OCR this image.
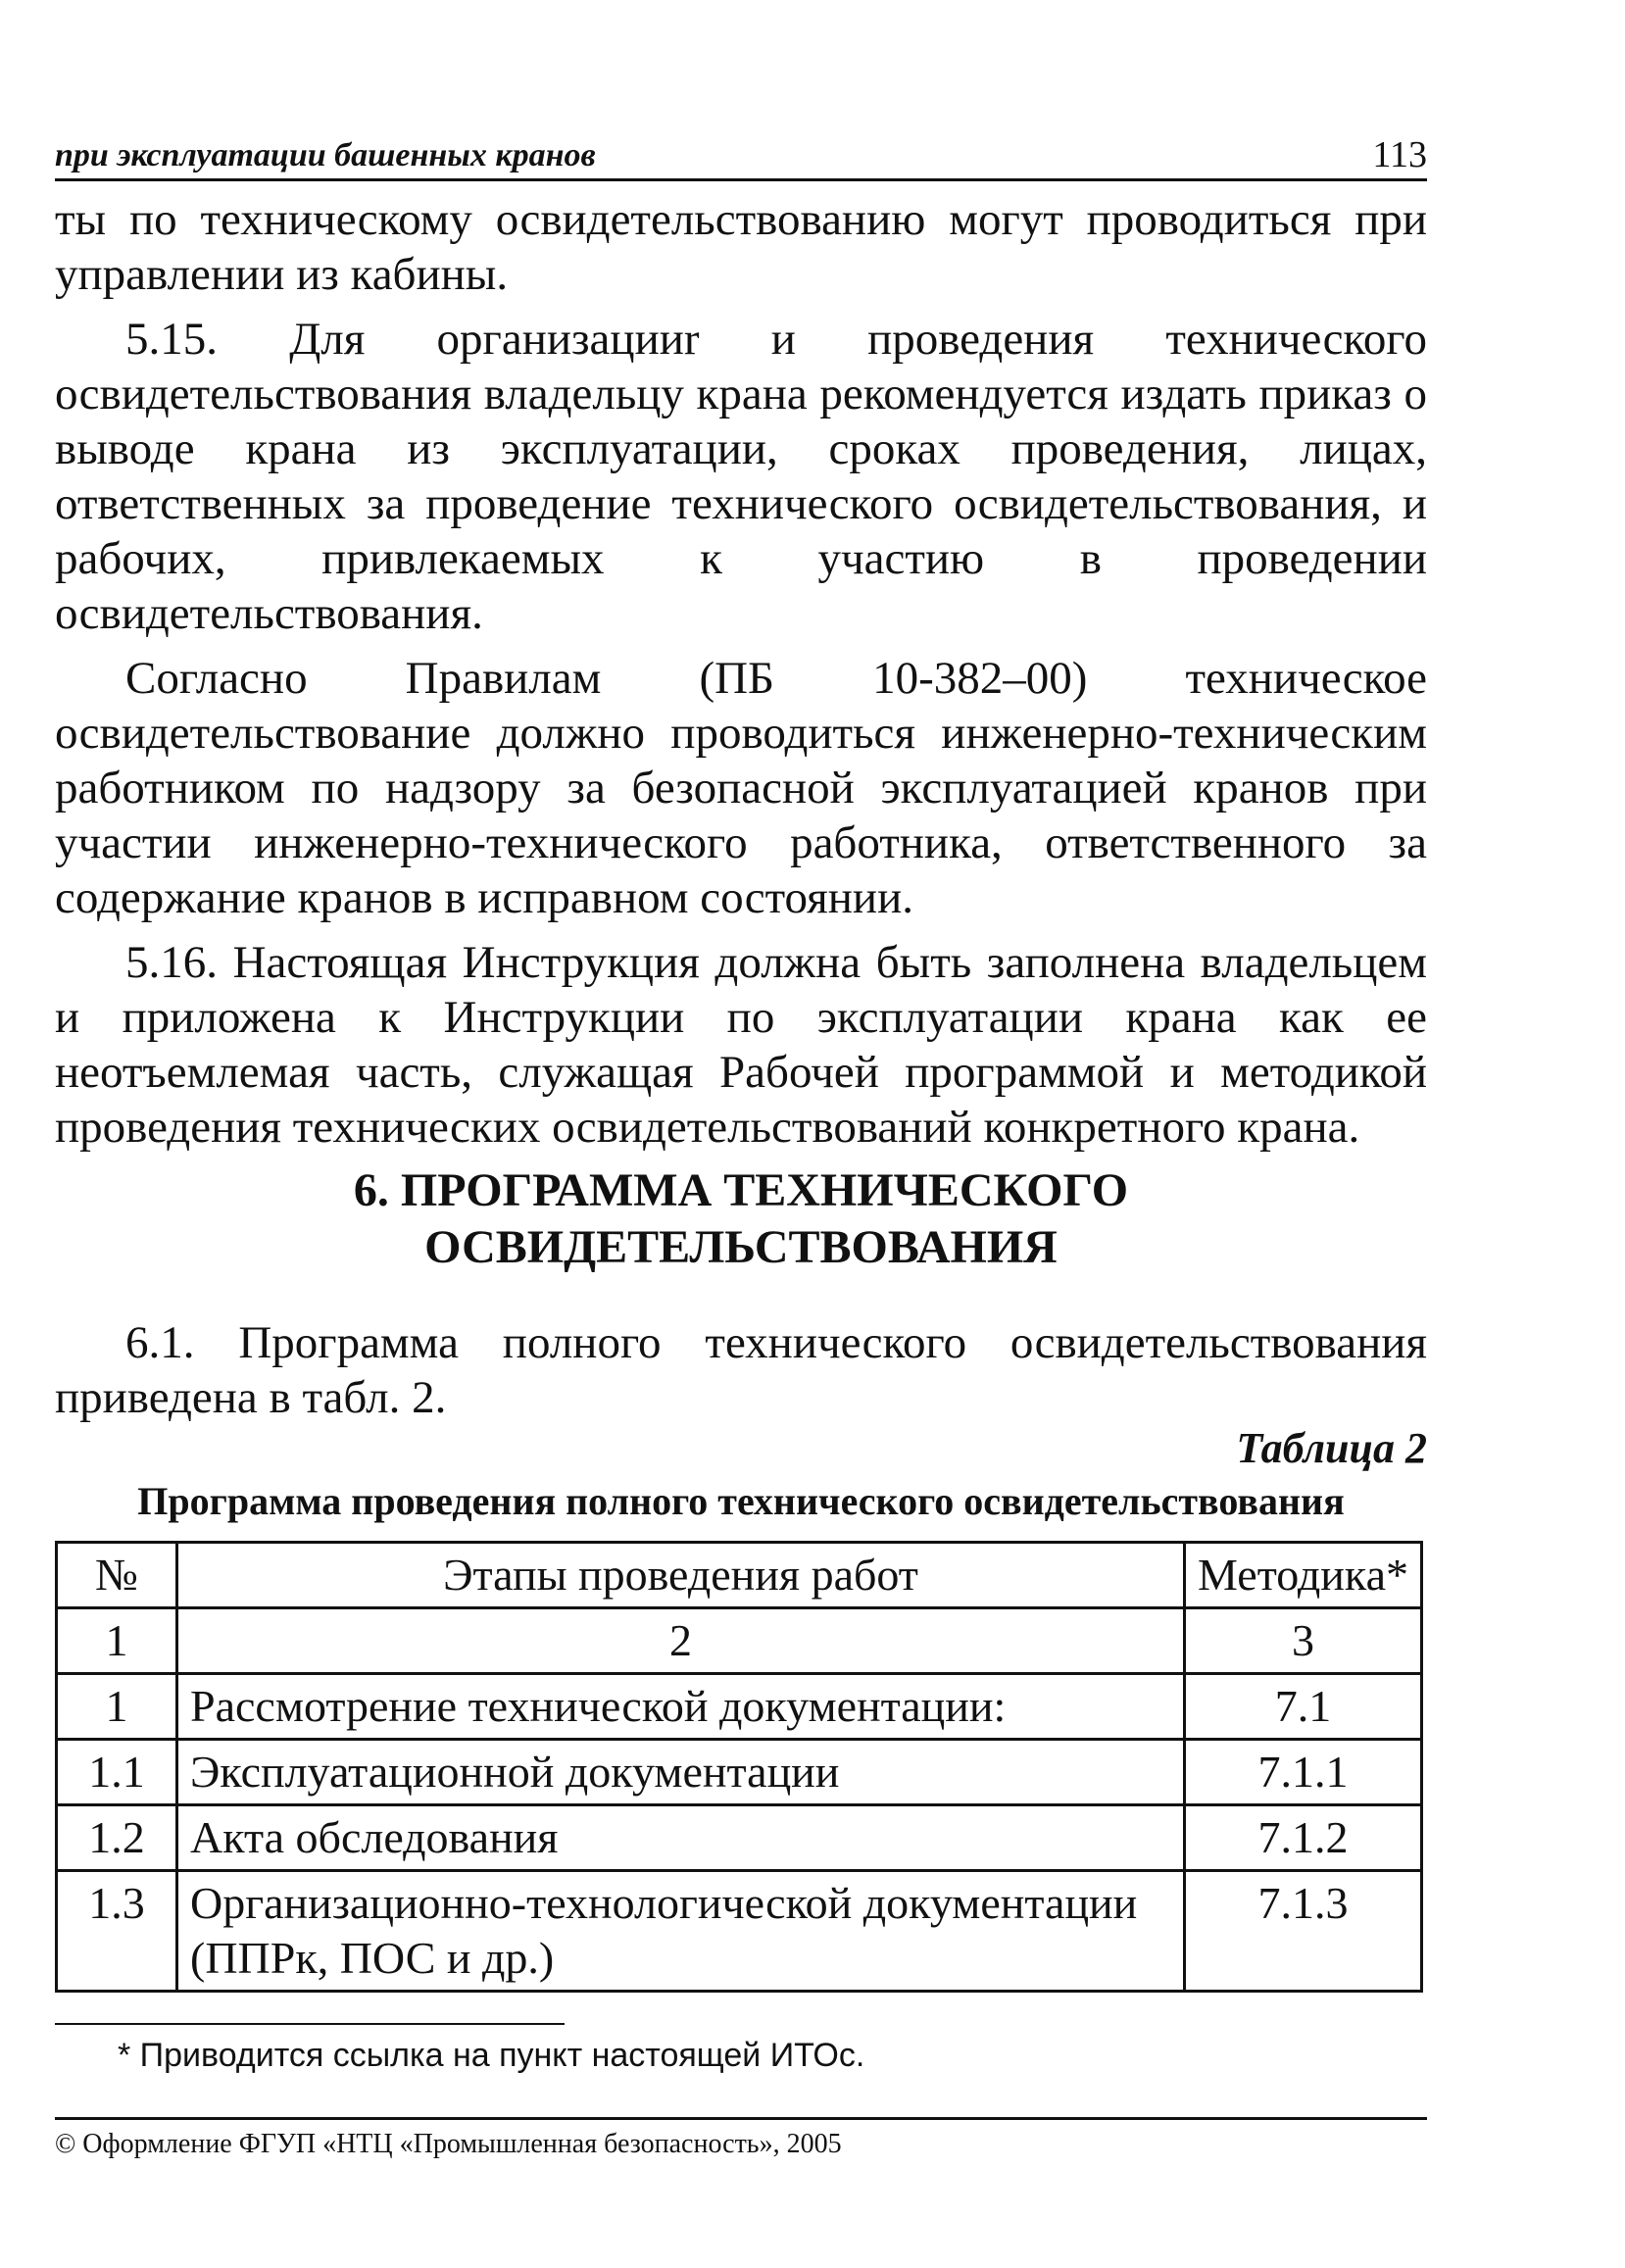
при эксплуатации башенных кранов	113

ты по техническому освидетельствованию могут проводиться при управлении из кабины.

5.15. Для организацииr и проведения технического освидетельствования владельцу крана рекомендуется издать приказ о выводе крана из эксплуатации, сроках проведения, лицах, ответственных за проведение технического освидетельствования, и рабочих, привлекаемых к участию в проведении освидетельствования.

Согласно Правилам (ПБ 10-382–00) техническое освидетельствование должно проводиться инженерно-техническим работником по надзору за безопасной эксплуатацией кранов при участии инженерно-технического работника, ответственного за содержание кранов в исправном состоянии.

5.16. Настоящая Инструкция должна быть заполнена владельцем и приложена к Инструкции по эксплуатации крана как ее неотъемлемая часть, служащая Рабочей программой и методикой проведения технических освидетельствований конкретного крана.

6. ПРОГРАММА ТЕХНИЧЕСКОГО
ОСВИДЕТЕЛЬСТВОВАНИЯ

6.1. Программа полного технического освидетельствования приведена в табл. 2.

Таблица 2
Программа проведения полного технического освидетельствования
№	Этапы проведения работ	Методика*
1	2	3
1	Рассмотрение технической документации:	7.1
1.1	Эксплуатационной документации	7.1.1
1.2	Акта обследования	7.1.2
1.3	Организационно-технологической документации (ППРк, ПОС и др.)	7.1.3
* Приводится ссылка на пункт настоящей ИТОс.
© Оформление ФГУП «НТЦ «Промышленная безопасность», 2005
